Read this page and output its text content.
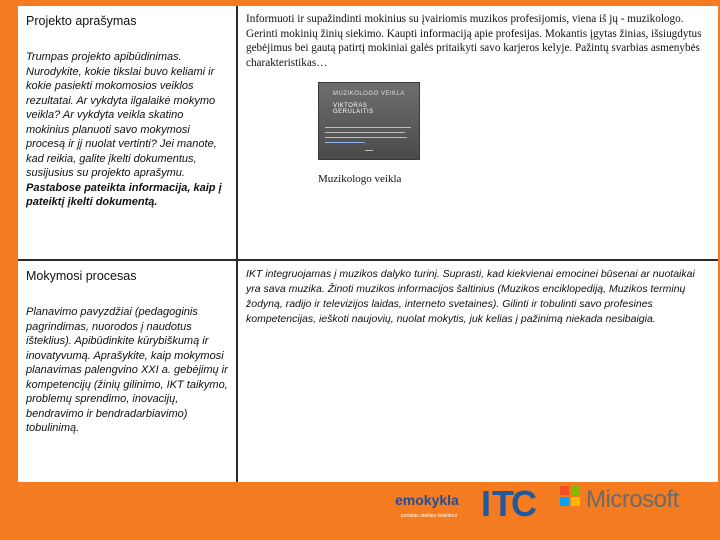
Projekto aprašymas

Trumpas projekto apibūdinimas. Nurodykite, kokie tikslai buvo keliami ir kokie pasiekti mokomosios veiklos rezultatai. Ar vykdyta ilgalaikė mokymo veikla? Ar vykdyta veikla skatino mokinius planuoti savo mokymosi procesą ir jį nuolat vertinti? Jei manote, kad reikia, galite įkelti dokumentus, susijusius su projekto aprašymu. Pastabose pateikta informacija, kaip į pateiktį įkelti dokumentą.

Informuoti ir supažindinti mokinius su įvairiomis muzikos profesijomis, viena iš jų - muzikologo. Gerinti mokinių žinių siekimo. Kaupti informaciją apie profesijas. Mokantis įgytas žinias, išsiugdytus gebėjimus bei gautą patirtį mokiniai galės pritaikyti savo karjeros kelyje. Pažintų svarbias asmenybės charakteristikas…

MUZIKOLOGO VEIKLA
VIKTORAS GERULAITIS
Muzikologo veikla

Mokymosi procesas

Planavimo pavyzdžiai (pedagoginis pagrindimas, nuorodos į naudotus išteklius). Apibūdinkite kūrybiškumą ir inovatyvumą. Aprašykite, kaip mokymosi planavimas palengvino XXI a. gebėjimų ir kompetencijų (žinių gilinimo, IKT taikymo, problemų sprendimo, inovacijų, bendravimo ir bendradarbiavimo) tobulinimą.

IKT integruojamas į muzikos dalyko turinį. Suprasti, kad kiekvienai emocinei būsenai ar nuotaikai yra sava muzika. Žinoti muzikos informacijos šaltinius (Muzikos enciklopediją, Muzikos terminų žodyną, radijo ir televizijos laidas, interneto svetaines). Gilinti ir tobulinti savo profesines kompetencijas, ieškoti naujovių, nuolat mokytis, juk kelias į pažinimą niekada nesibaigia.

emokykla
portalas ateities švietimui I T
C Microsoft
